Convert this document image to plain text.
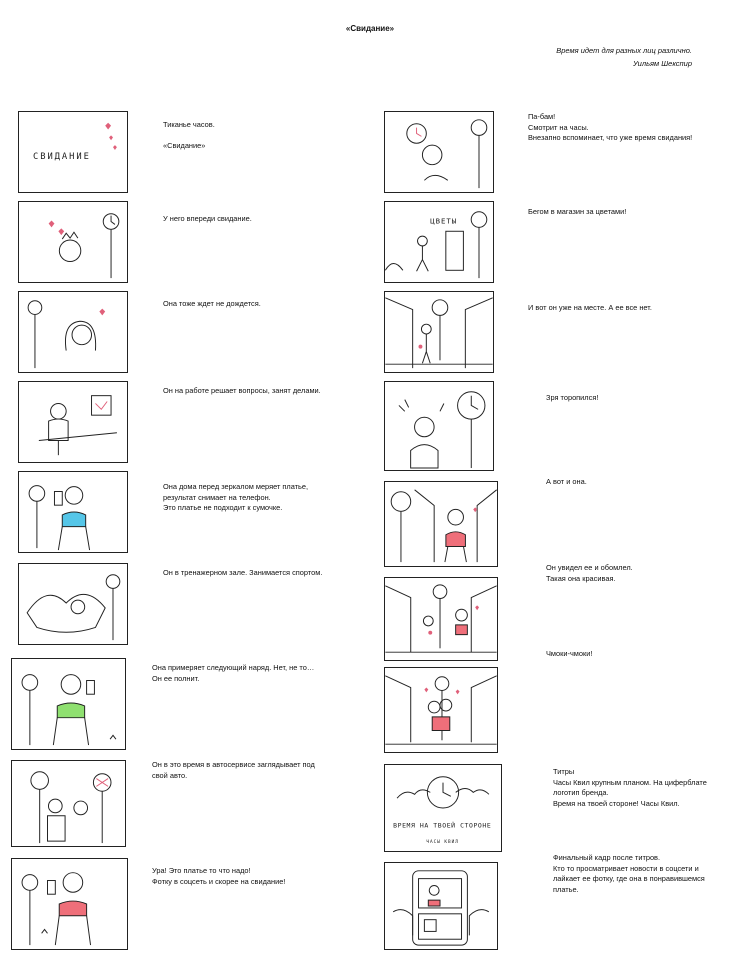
«Свидание»
Время идет для разных лиц различно.
Уильям Шекспир
СВИДАНИЕ
Тиканье часов.
«Свидание»
У него впереди свидание.
Она тоже ждет не дождется.
Он на работе решает вопросы, занят делами.
Она дома перед зеркалом меряет платье,
результат снимает на телефон.
Это платье не подходит к сумочке.
Он в тренажерном зале. Занимается спортом.
Она примеряет следующий наряд. Нет, не то…
Он ее полнит.
Он в это время в автосервисе заглядывает под
свой авто.
Ура! Это платье то что надо!
Фотку в соцсеть и скорее на свидание!
ЦВЕТЫ
ВРЕМЯ НА ТВОЕЙ СТОРОНЕ
ЧАСЫ КВИЛ
Па-бам!
Смотрит на часы.
Внезапно вспоминает, что уже время свидания!
Бегом в магазин за цветами!
И вот он уже на месте. А ее все нет.
Зря торопился!
А вот и она.
Он увидел ее и обомлел.
Такая она красивая.
Чмоки-чмоки!
Титры
Часы Квил крупным планом. На циферблате
логотип бренда.
Время на твоей стороне! Часы Квил.
Финальный кадр после титров.
Кто то просматривает новости в соцсети и
лайкает ее фотку, где она в понравившемся
платье.
